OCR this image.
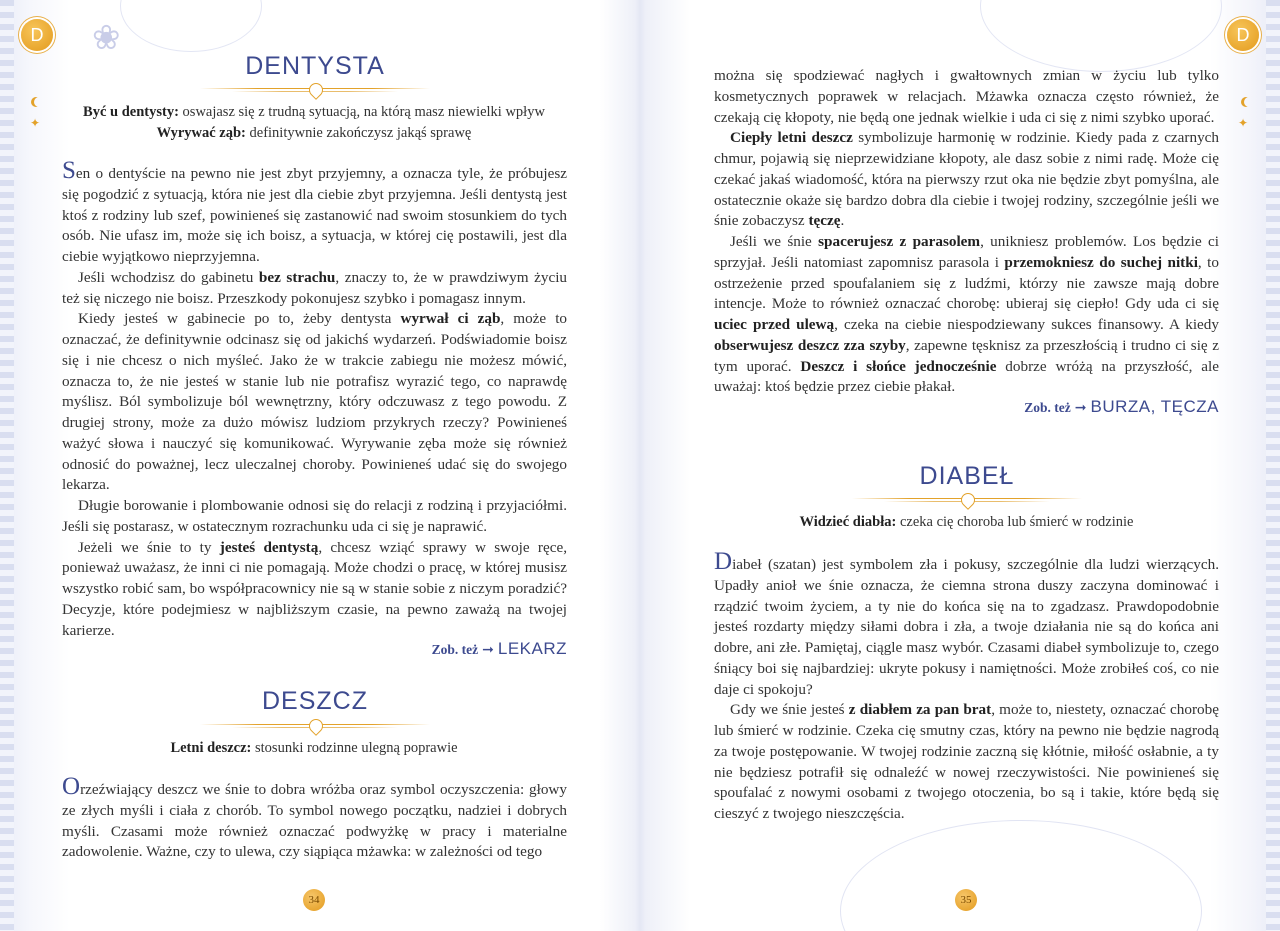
D
✦
❀
DENTYSTA
Być u dentysty: oswajasz się z trudną sytuacją, na którą masz niewielki wpływ
Wyrywać ząb: definitywnie zakończysz jakąś sprawę

Sen o dentyście na pewno nie jest zbyt przyjemny, a oznacza tyle, że próbujesz się pogodzić z sytuacją, która nie jest dla ciebie zbyt przyjemna. Jeśli dentystą jest ktoś z rodziny lub szef, powinieneś się zastanowić nad swoim stosunkiem do tych osób. Nie ufasz im, może się ich boisz, a sytuacja, w której cię postawili, jest dla ciebie wyjątkowo nieprzyjemna.

Jeśli wchodzisz do gabinetu bez strachu, znaczy to, że w prawdziwym życiu też się niczego nie boisz. Przeszkody pokonujesz szybko i pomagasz innym.

Kiedy jesteś w gabinecie po to, żeby dentysta wyrwał ci ząb, może to oznaczać, że definitywnie odcinasz się od jakichś wydarzeń. Podświadomie boisz się i nie chcesz o nich myśleć. Jako że w trakcie zabiegu nie możesz mówić, oznacza to, że nie jesteś w stanie lub nie potrafisz wyrazić tego, co naprawdę myślisz. Ból symbolizuje ból wewnętrzny, który odczuwasz z tego powodu. Z drugiej strony, może za dużo mówisz ludziom przykrych rzeczy? Powinieneś ważyć słowa i nauczyć się komunikować. Wyrywanie zęba może się również odnosić do poważnej, lecz uleczalnej choroby. Powinieneś udać się do swojego lekarza.

Długie borowanie i plombowanie odnosi się do relacji z rodziną i przyjaciółmi. Jeśli się postarasz, w ostatecznym rozrachunku uda ci się je naprawić.

Jeżeli we śnie to ty jesteś dentystą, chcesz wziąć sprawy w swoje ręce, ponieważ uważasz, że inni ci nie pomagają. Może chodzi o pracę, w której musisz wszystko robić sam, bo współpracownicy nie są w stanie sobie z niczym poradzić? Decyzje, które podejmiesz w najbliższym czasie, na pewno zaważą na twojej karierze.

Zob. też ➞ LEKARZ
DESZCZ
Letni deszcz: stosunki rodzinne ulegną poprawie

Orzeźwiający deszcz we śnie to dobra wróżba oraz symbol oczyszczenia: głowy ze złych myśli i ciała z chorób. To symbol nowego początku, nadziei i dobrych myśli. Czasami może również oznaczać podwyżkę w pracy i materialne zadowolenie. Ważne, czy to ulewa, czy siąpiąca mżawka: w zależności od tego

34
D
✦

można się spodziewać nagłych i gwałtownych zmian w życiu lub tylko kosmetycznych poprawek w relacjach. Mżawka oznacza często również, że czekają cię kłopoty, nie będą one jednak wielkie i uda ci się z nimi szybko uporać.

Ciepły letni deszcz symbolizuje harmonię w rodzinie. Kiedy pada z czarnych chmur, pojawią się nieprzewidziane kłopoty, ale dasz sobie z nimi radę. Może cię czekać jakaś wiadomość, która na pierwszy rzut oka nie będzie zbyt pomyślna, ale ostatecznie okaże się bardzo dobra dla ciebie i twojej rodziny, szczególnie jeśli we śnie zobaczysz tęczę.

Jeśli we śnie spacerujesz z parasolem, unikniesz problemów. Los będzie ci sprzyjał. Jeśli natomiast zapomnisz parasola i przemokniesz do suchej nitki, to ostrzeżenie przed spoufalaniem się z ludźmi, którzy nie zawsze mają dobre intencje. Może to również oznaczać chorobę: ubieraj się ciepło! Gdy uda ci się uciec przed ulewą, czeka na ciebie niespodziewany sukces finansowy. A kiedy obserwujesz deszcz zza szyby, zapewne tęsknisz za przeszłością i trudno ci się z tym uporać. Deszcz i słońce jednocześnie dobrze wróżą na przyszłość, ale uważaj: ktoś będzie przez ciebie płakał.

Zob. też ➞ BURZA, TĘCZA
DIABEŁ
Widzieć diabła: czeka cię choroba lub śmierć w rodzinie

Diabeł (szatan) jest symbolem zła i pokusy, szczególnie dla ludzi wierzących. Upadły anioł we śnie oznacza, że ciemna strona duszy zaczyna dominować i rządzić twoim życiem, a ty nie do końca się na to zgadzasz. Prawdopodobnie jesteś rozdarty między siłami dobra i zła, a twoje działania nie są do końca ani dobre, ani złe. Pamiętaj, ciągle masz wybór. Czasami diabeł symbolizuje to, czego śniący boi się najbardziej: ukryte pokusy i namiętności. Może zrobiłeś coś, co nie daje ci spokoju?

Gdy we śnie jesteś z diabłem za pan brat, może to, niestety, oznaczać chorobę lub śmierć w rodzinie. Czeka cię smutny czas, który na pewno nie będzie nagrodą za twoje postępowanie. W twojej rodzinie zaczną się kłótnie, miłość osłabnie, a ty nie będziesz potrafił się odnaleźć w nowej rzeczywistości. Nie powinieneś się spoufalać z nowymi osobami z twojego otoczenia, bo są i takie, które będą się cieszyć z twojego nieszczęścia.

35
